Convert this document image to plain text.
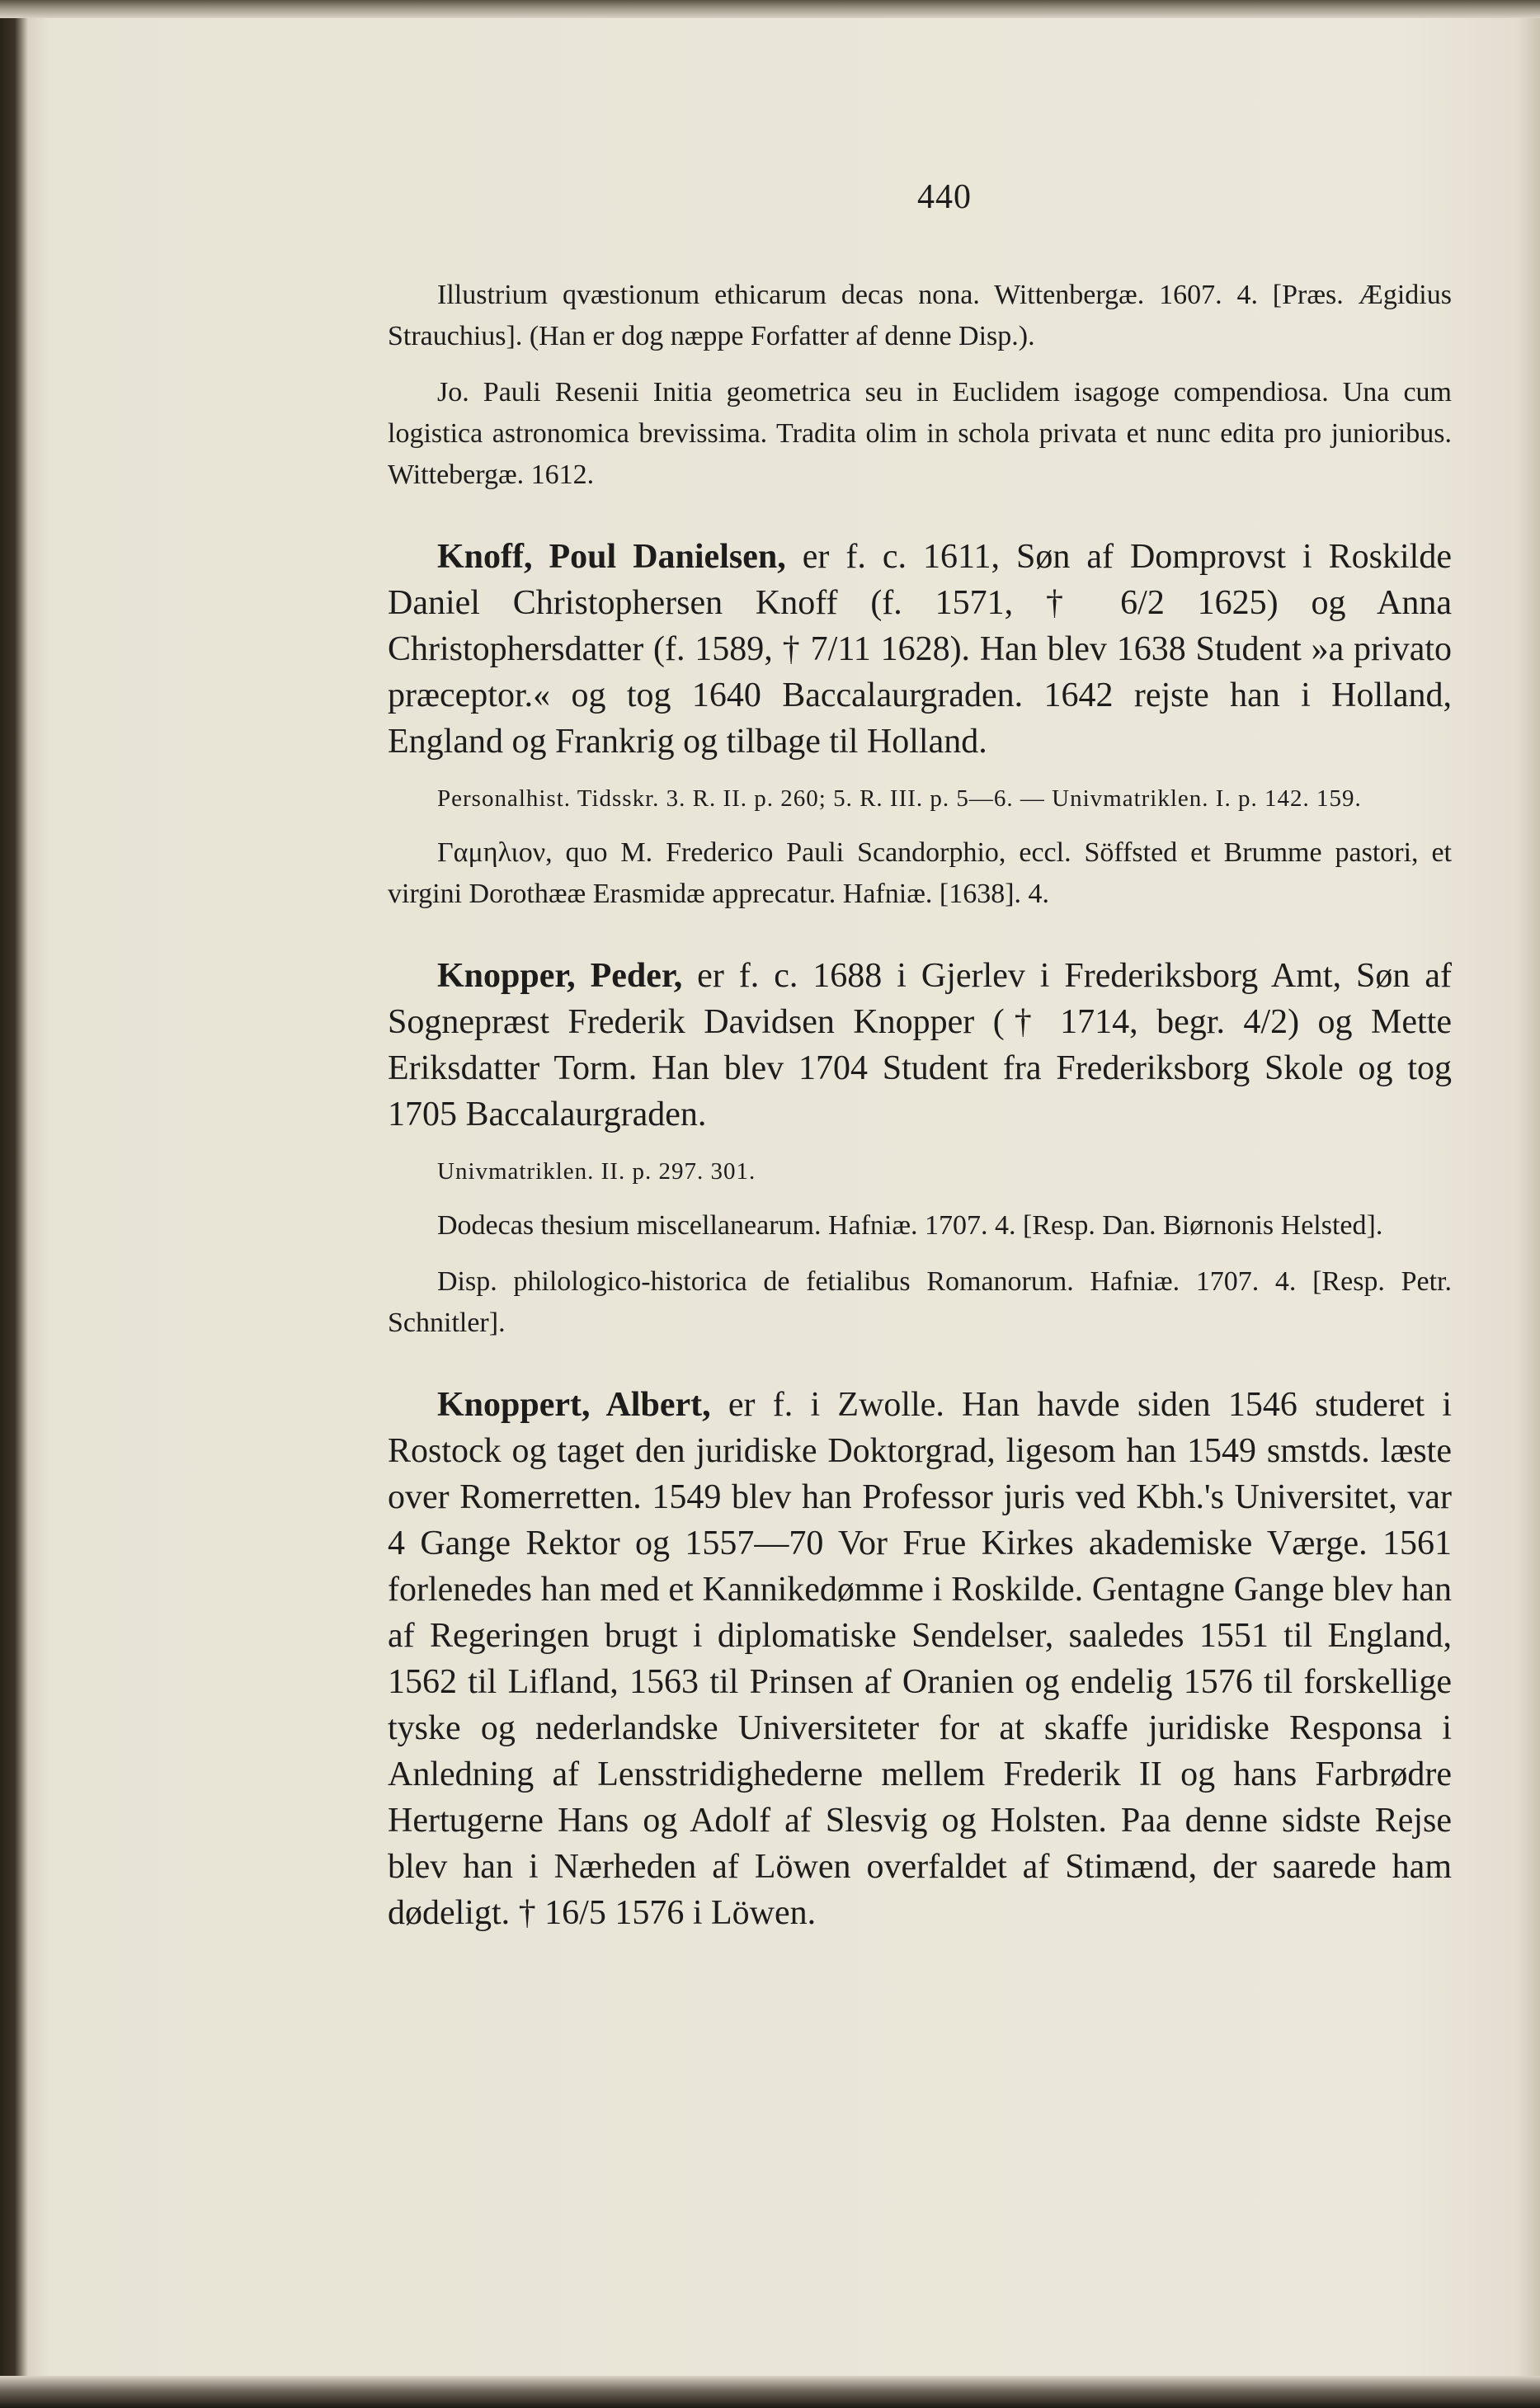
440

Illustrium qvæstionum ethicarum decas nona. Wittenbergæ. 1607. 4. [Præs. Ægidius Strauchius]. (Han er dog næppe Forfatter af denne Disp.).

Jo. Pauli Resenii Initia geometrica seu in Euclidem isagoge compendiosa. Una cum logistica astronomica brevissima. Tradita olim in schola privata et nunc edita pro junioribus. Wittebergæ. 1612.

Knoff, Poul Danielsen, er f. c. 1611, Søn af Domprovst i Roskilde Daniel Christophersen Knoff (f. 1571, † 6/2 1625) og Anna Christophersdatter (f. 1589, † 7/11 1628). Han blev 1638 Student »a privato præceptor.« og tog 1640 Baccalaurgraden. 1642 rejste han i Holland, England og Frankrig og tilbage til Holland.

Personalhist. Tidsskr. 3. R. II. p. 260; 5. R. III. p. 5—6. — Univmatriklen. I. p. 142. 159.

Γαμηλιον, quo M. Frederico Pauli Scandorphio, eccl. Söffsted et Brumme pastori, et virgini Dorothææ Erasmidæ apprecatur. Hafniæ. [1638]. 4.

Knopper, Peder, er f. c. 1688 i Gjerlev i Frederiksborg Amt, Søn af Sognepræst Frederik Davidsen Knopper († 1714, begr. 4/2) og Mette Eriksdatter Torm. Han blev 1704 Student fra Frederiksborg Skole og tog 1705 Baccalaurgraden.

Univmatriklen. II. p. 297. 301.

Dodecas thesium miscellanearum. Hafniæ. 1707. 4. [Resp. Dan. Biørnonis Helsted].

Disp. philologico-historica de fetialibus Romanorum. Hafniæ. 1707. 4. [Resp. Petr. Schnitler].

Knoppert, Albert, er f. i Zwolle. Han havde siden 1546 studeret i Rostock og taget den juridiske Doktorgrad, ligesom han 1549 smstds. læste over Romerretten. 1549 blev han Professor juris ved Kbh.'s Universitet, var 4 Gange Rektor og 1557—70 Vor Frue Kirkes akademiske Værge. 1561 forlenedes han med et Kannikedømme i Roskilde. Gentagne Gange blev han af Regeringen brugt i diplomatiske Sendelser, saaledes 1551 til England, 1562 til Lifland, 1563 til Prinsen af Oranien og endelig 1576 til forskellige tyske og nederlandske Universiteter for at skaffe juridiske Responsa i Anledning af Lensstridighederne mellem Frederik II og hans Farbrødre Hertugerne Hans og Adolf af Slesvig og Holsten. Paa denne sidste Rejse blev han i Nærheden af Löwen overfaldet af Stimænd, der saarede ham dødeligt. † 16/5 1576 i Löwen.
